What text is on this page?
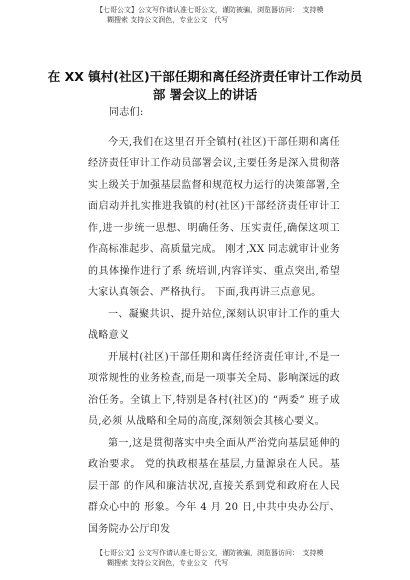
【七哥公文】公文写作请认准七哥公文，谨防被骗，浏览器访问：　支持模
糊搜索 支持公文润色，专业公文　代写
在 XX 镇村(社区)干部任期和离任经济责任审计工作动员
部 署会议上的讲话

同志们:

今天,我们在这里召开全镇村(社区)干部任期和离任经济责任审计工作动员部署会议,主要任务是深入贯彻落实上级关于加强基层监督和规范权力运行的决策部署,全面启动并扎实推进我镇的村(社区)干部经济责任审计工作,进一步统一思想、明确任务、压实责任,确保这项工作高标准起步、高质量完成。 刚才,XX 同志就审计业务的具体操作进行了系 统培训,内容详实、重点突出,希望大家认真领会、严格执行。 下面,我再讲三点意见。

一、凝聚共识、提升站位,深刻认识审计工作的重大战略意义

开展村(社区)干部任期和离任经济责任审计,不是一项常规性的业务检查,而是一项事关全局、影响深远的政治任务。全镇上下,特别是各村(社区)的 “两委” 班子成员,必须 从战略和全局的高度,深刻领会其核心要义。

第一,这是贯彻落实中央全面从严治党向基层延伸的政治要求。 党的执政根基在基层,力量源泉在人民。基层干部 的作风和廉洁状况,直接关系到党和政府在人民群众心中的 形象。今年 4 月 20 日,中共中央办公厅、国务院办公厅印发

【七哥公文】公文写作请认准七哥公文，谨防被骗，浏览器访问：　支持模
糊搜索 支持公文润色，专业公文　代写
